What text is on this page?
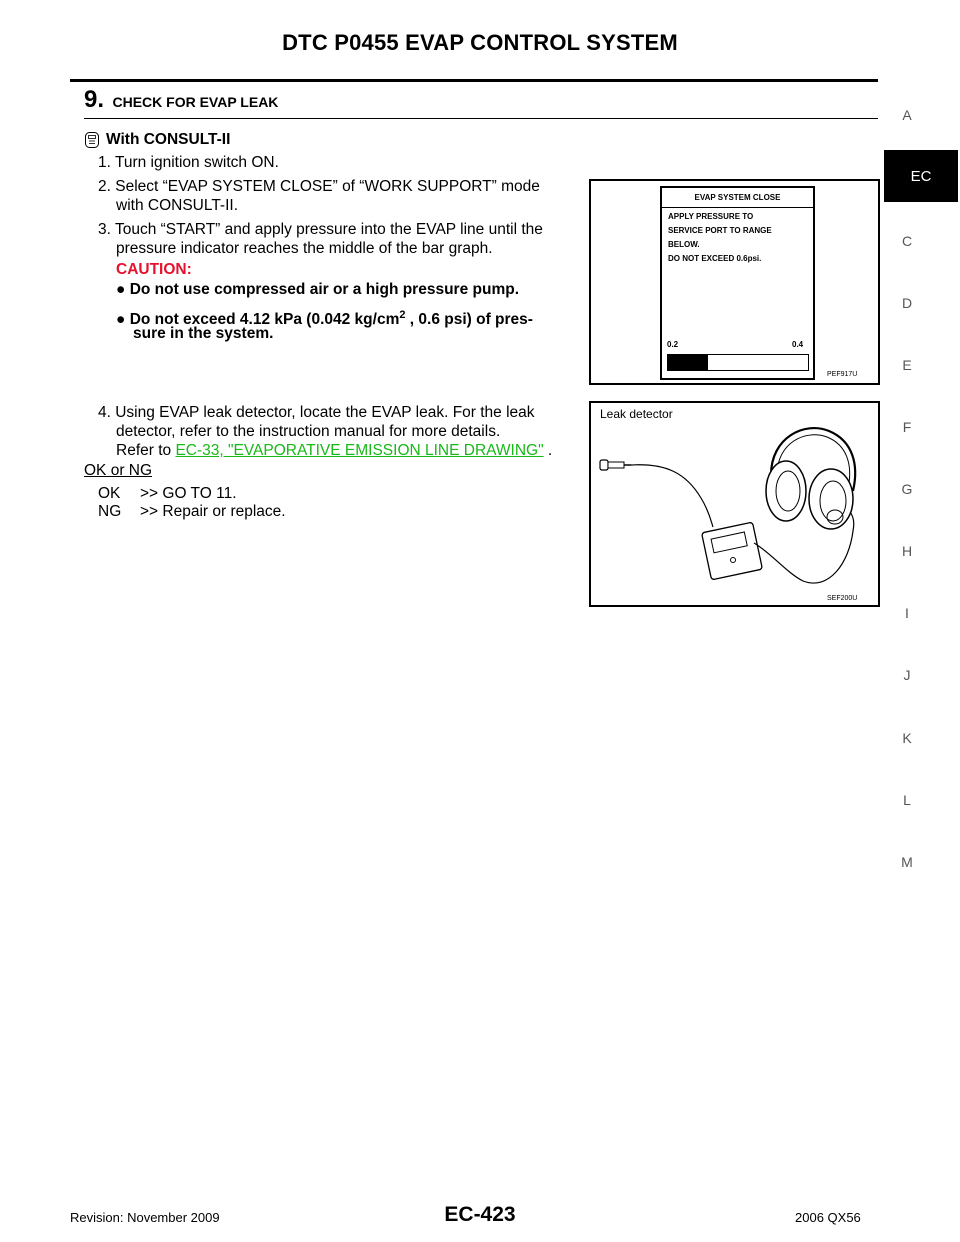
DTC P0455 EVAP CONTROL SYSTEM
9. CHECK FOR EVAP LEAK
With CONSULT-II
1. Turn ignition switch ON.
2. Select “EVAP SYSTEM CLOSE” of “WORK SUPPORT” mode
with CONSULT-II.
3. Touch “START” and apply pressure into the EVAP line until the
pressure indicator reaches the middle of the bar graph.
CAUTION:
● Do not use compressed air or a high pressure pump.
● Do not exceed 4.12 kPa (0.042 $kg/cm^2$ , 0.6 psi) of pres-
sure in the system.
4. Using EVAP leak detector, locate the EVAP leak. For the leak
detector, refer to the instruction manual for more details.
Refer to EC-33, "EVAPORATIVE EMISSION LINE DRAWING" .
OK or NG
OK >> GO TO 11.
NG >> Repair or replace.
EVAP SYSTEM CLOSE
APPLY PRESSURE TO
SERVICE PORT TO RANGE
BELOW.
DO NOT EXCEED 0.6psi.
0.2	0.4
PEF917U
Leak detector
SEF200U
A
EC
C
D
E
F
G
H
I
J
K
L
M
Revision: November 2009	EC-423	2006 QX56
